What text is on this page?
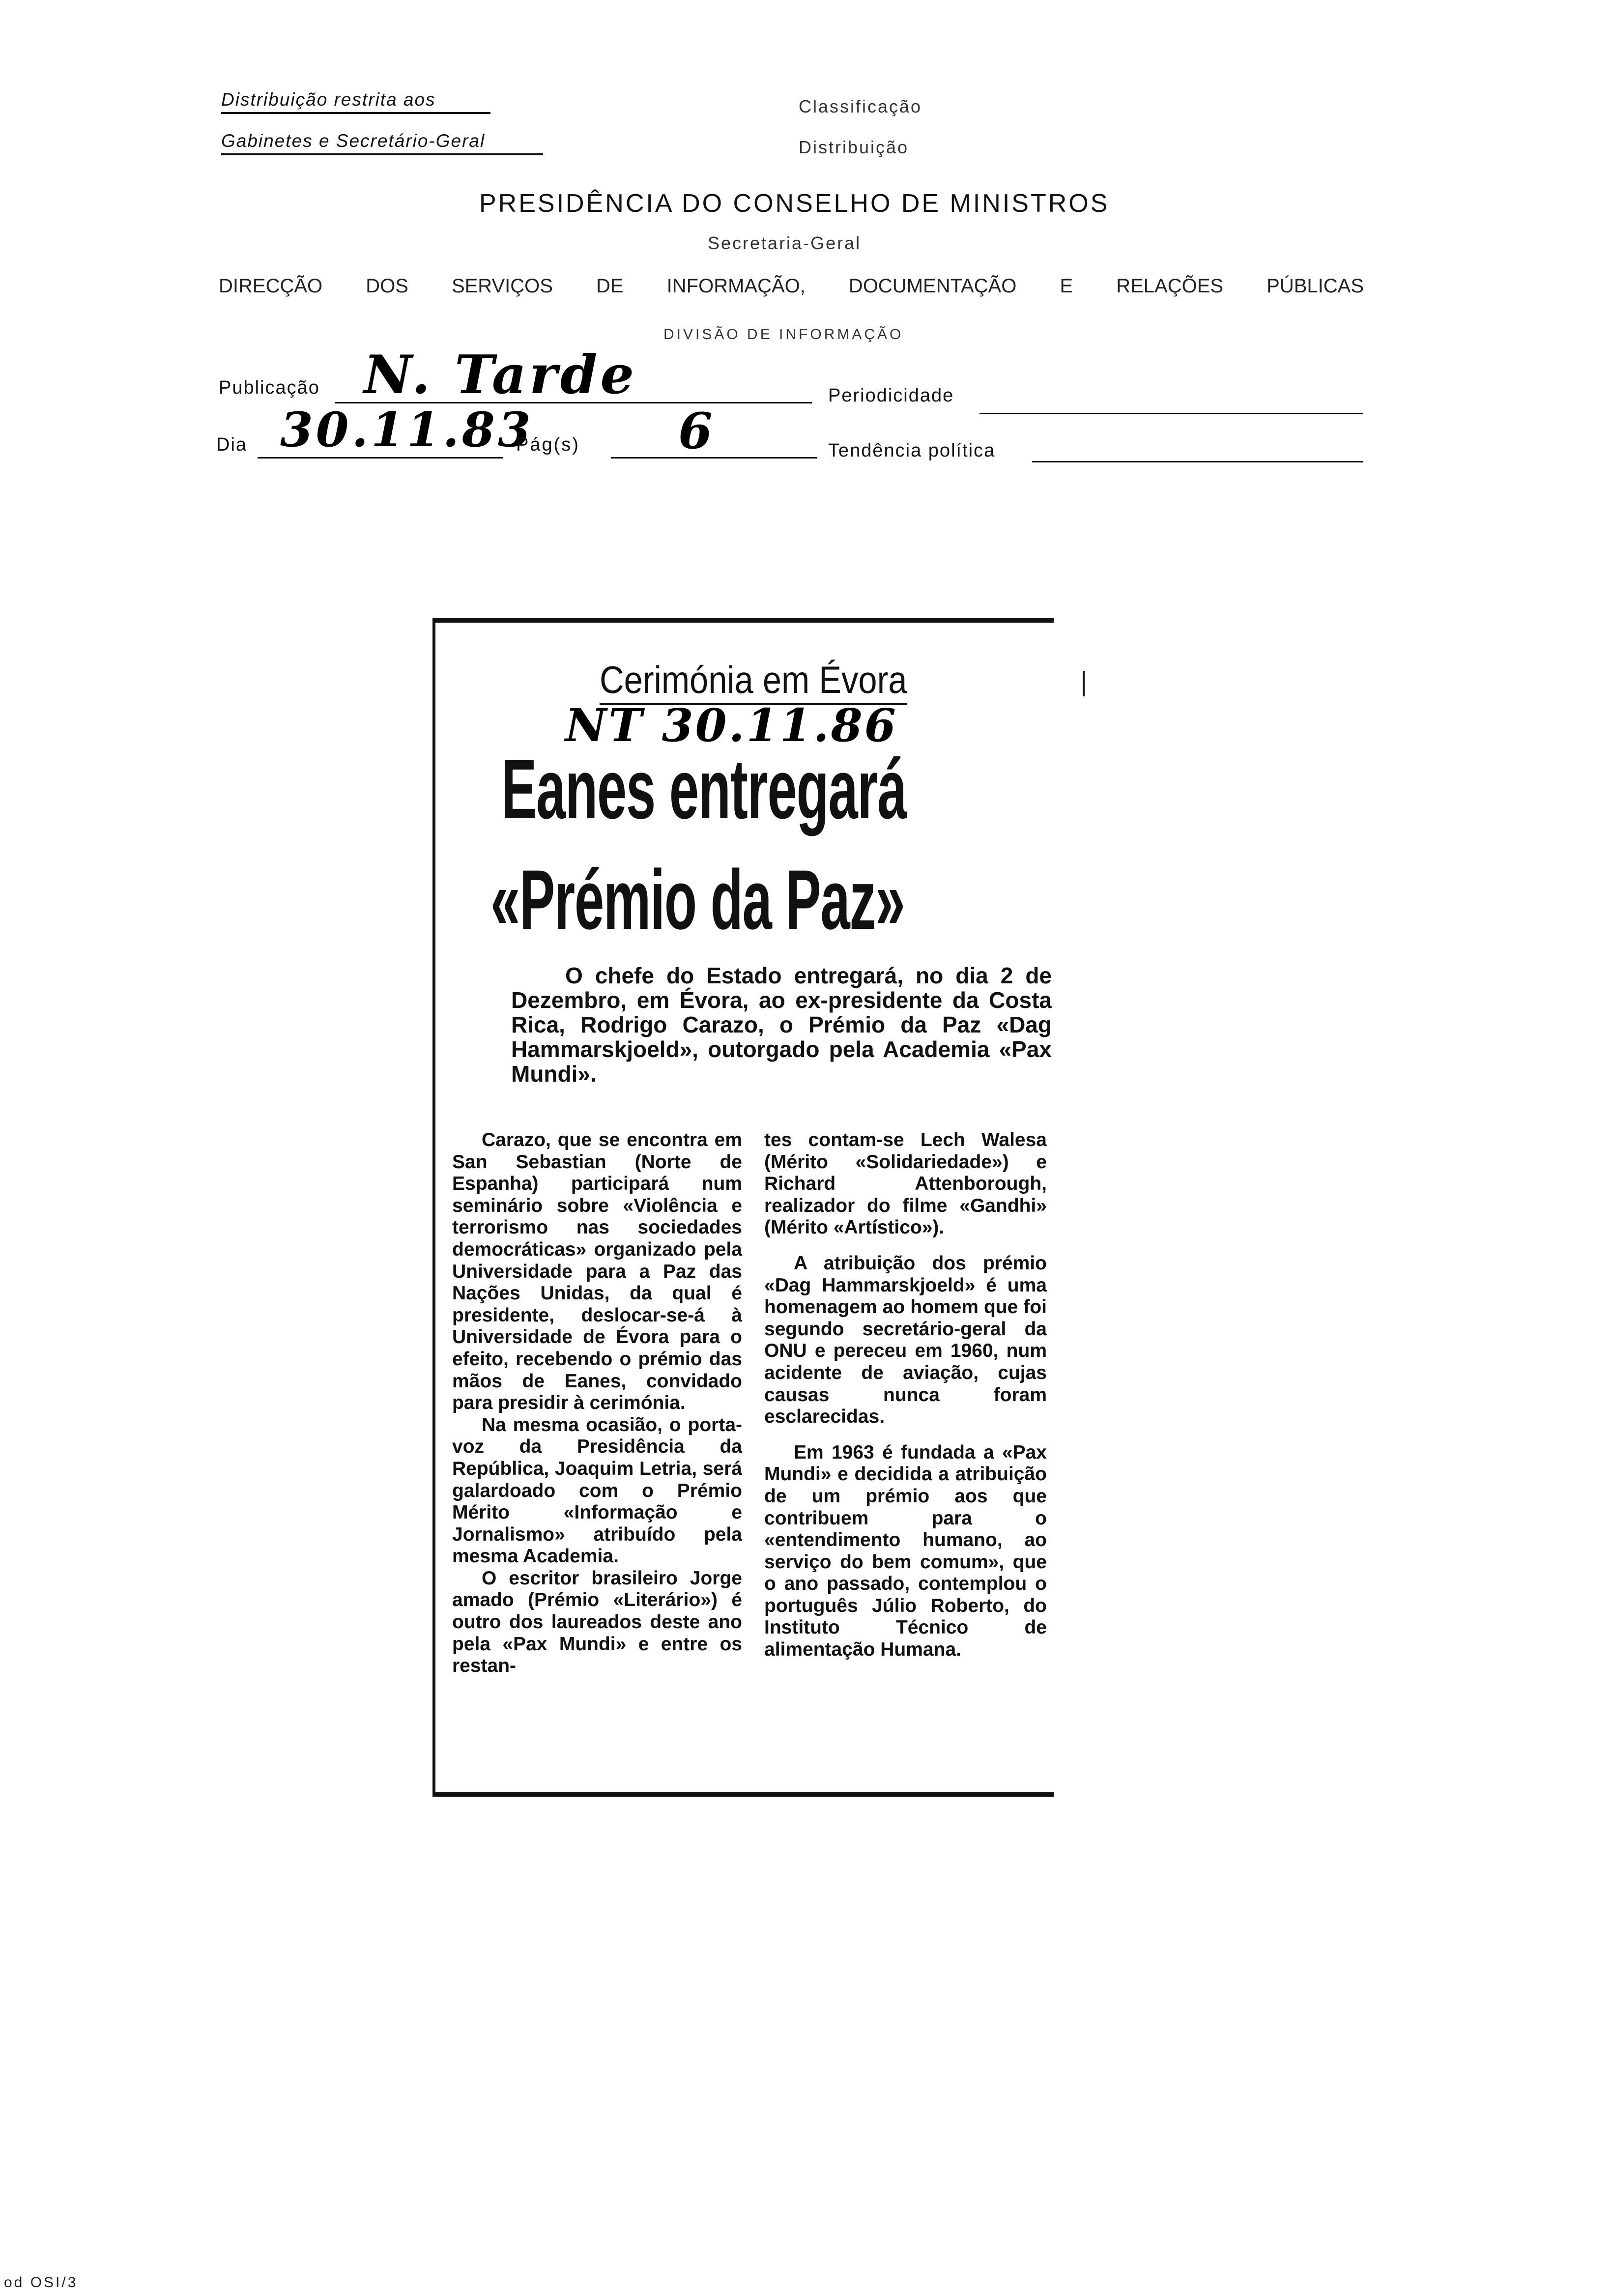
Distribuição restrita aos
Gabinetes e Secretário-Geral
Classificação
Distribuição
PRESIDÊNCIA DO CONSELHO DE MINISTROS
Secretaria-Geral
DIRECÇÃO DOS SERVIÇOS DE INFORMAÇÃO, DOCUMENTAÇÃO E RELAÇÕES PÚBLICAS
DIVISÃO DE INFORMAÇÃO
Publicação N. Tarde	Periodicidade
Dia 30.11.83
Pág(s) 6	Tendência política
Cerimónia em Évora
NT 30.11.86
Eanes entregará
«Prémio da Paz»
O chefe do Estado entregará, no dia 2 de Dezembro, em Évora, ao ex-presidente da Costa Rica, Rodrigo Carazo, o Prémio da Paz «Dag Hammarskjoeld», outorgado pela Academia «Pax Mundi».

Carazo, que se encontra em San Sebastian (Norte de Espanha) participará num seminário sobre «Violência e terrorismo nas sociedades democráticas» organizado pela Universidade para a Paz das Nações Unidas, da qual é presidente, deslocar-se-á à Universidade de Évora para o efeito, recebendo o prémio das mãos de Eanes, convidado para presidir à cerimónia.

Na mesma ocasião, o porta-voz da Presidência da República, Joaquim Letria, será galardoado com o Prémio Mérito «Informação e Jornalismo» atribuído pela mesma Academia.

O escritor brasileiro Jorge amado (Prémio «Literário») é outro dos laureados deste ano pela «Pax Mundi» e entre os restan-

tes contam-se Lech Walesa (Mérito «Solidariedade») e Richard Attenborough, realizador do filme «Gandhi» (Mérito «Artístico»).

A atribuição dos prémio «Dag Hammarskjoeld» é uma homenagem ao homem que foi segundo secretário-geral da ONU e pereceu em 1960, num acidente de aviação, cujas causas nunca foram esclarecidas.

Em 1963 é fundada a «Pax Mundi» e decidida a atribuição de um prémio aos que contribuem para o «entendimento humano, ao serviço do bem comum», que o ano passado, contemplou o português Júlio Roberto, do Instituto Técnico de alimentação Humana.

od OSI/3
